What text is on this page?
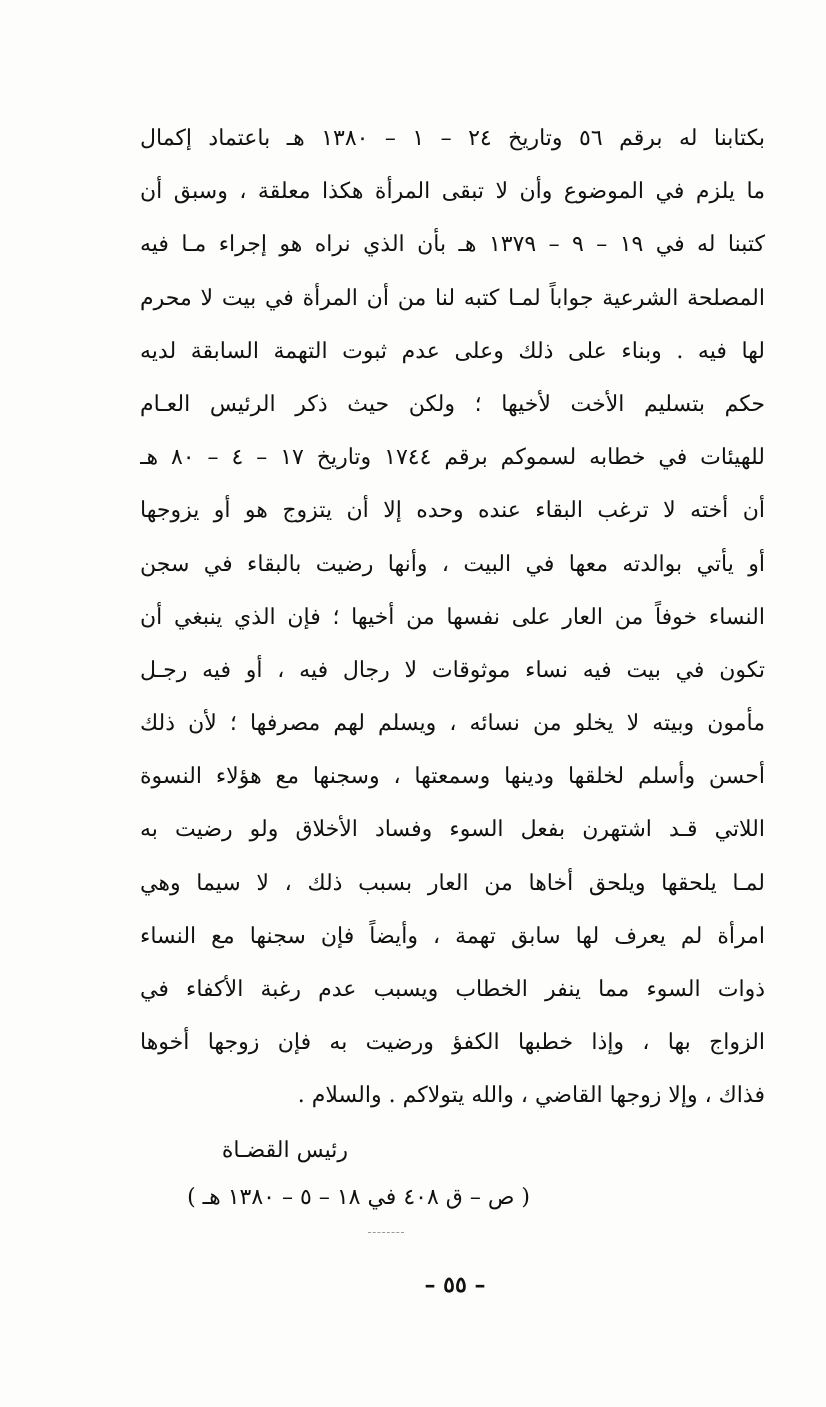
بكتابنا له برقم ٥٦ وتاريخ ٢٤ – ١ – ١٣٨٠ هـ باعتماد إكمال
ما يلزم في الموضوع وأن لا تبقى المرأة هكذا معلقة ، وسبق أن
كتبنا له في ١٩ – ٩ – ١٣٧٩ هـ بأن الذي نراه هو إجراء مـا فيه
المصلحة الشرعية جواباً لمـا كتبه لنا من أن المرأة في بيت لا محرم
لها فيه . وبناء على ذلك وعلى عدم ثبوت التهمة السابقة لديه
حكم بتسليم الأخت لأخيها ؛ ولكن حيث ذكر الرئيس العـام
للهيئات في خطابه لسموكم برقم ١٧٤٤ وتاريخ ١٧ – ٤ – ٨٠ هـ
أن أخته لا ترغب البقاء عنده وحده إلا أن يتزوج هو أو يزوجها
أو يأتي بوالدته معها في البيت ، وأنها رضيت بالبقاء في سجن
النساء خوفاً من العار على نفسها من أخيها ؛ فإن الذي ينبغي أن
تكون في بيت فيه نساء موثوقات لا رجال فيه ، أو فيه رجـل
مأمون وبيته لا يخلو من نسائه ، ويسلم لهم مصرفها ؛ لأن ذلك
أحسن وأسلم لخلقها ودينها وسمعتها ، وسجنها مع هؤلاء النسوة
اللاتي قـد اشتهرن بفعل السوء وفساد الأخلاق ولو رضيت به
لمـا يلحقها ويلحق أخاها من العار بسبب ذلك ، لا سيما وهي
امرأة لم يعرف لها سابق تهمة ، وأيضاً فإن سجنها مع النساء
ذوات السوء مما ينفر الخطاب ويسبب عدم رغبة الأكفاء في
الزواج بها ، وإذا خطبها الكفؤ ورضيت به فإن زوجها أخوها
فذاك ، وإلا زوجها القاضي ، والله يتولاكم . والسلام .
رئيس القضـاة
( ص – ق ٤٠٨ في ١٨ – ٥ – ١٣٨٠ هـ )
– ٥٥ –
